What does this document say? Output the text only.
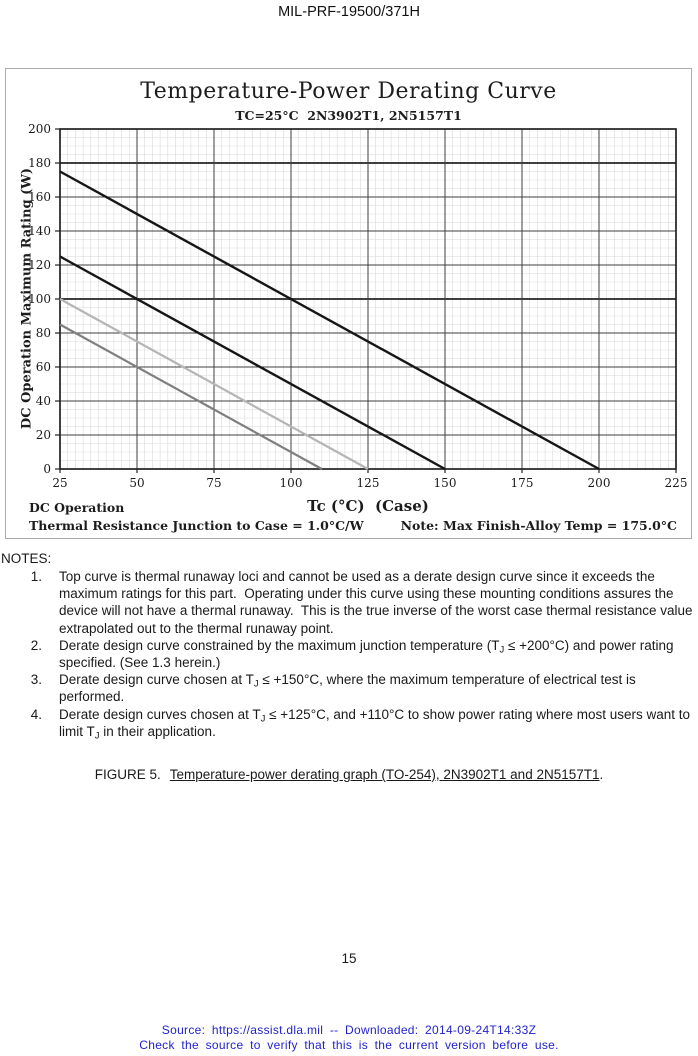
MIL-PRF-19500/371H
Temperature-Power Derating Curve
TC=25°C  2N3902T1, 2N5157T1
25	50	75	100	125	150	175	200	225
0
20
40
60
80
100
120
140
160
180
200
DC Operation Maximum Rating (W)
Tc (°C)  (Case)
DC Operation
Thermal Resistance Junction to Case = 1.0°C/W	Note: Max Finish-Alloy Temp = 175.0°C
NOTES:
1. Top curve is thermal runaway loci and cannot be used as a derate design curve since it exceeds the
maximum ratings for this part.  Operating under this curve using these mounting conditions assures the
device will not have a thermal runaway.  This is the true inverse of the worst case thermal resistance value
extrapolated out to the thermal runaway point.
2. Derate design curve constrained by the maximum junction temperature $(T_J \le +200^\circ C)$ and power rating
specified. (See 1.3 herein.)
3. Derate design curve chosen at $T_J \le +150^\circ C$, where the maximum temperature of electrical test is
performed.
4. Derate design curves chosen at $T_J \le +125^\circ C$, and +110°C to show power rating where most users want to
limit $T_J$ in their application.
FIGURE 5. Temperature-power derating graph (TO-254), 2N3902T1 and 2N5157T1.
15
Source: https://assist.dla.mil -- Downloaded: 2014-09-24T14:33Z
Check the source to verify that this is the current version before use.
